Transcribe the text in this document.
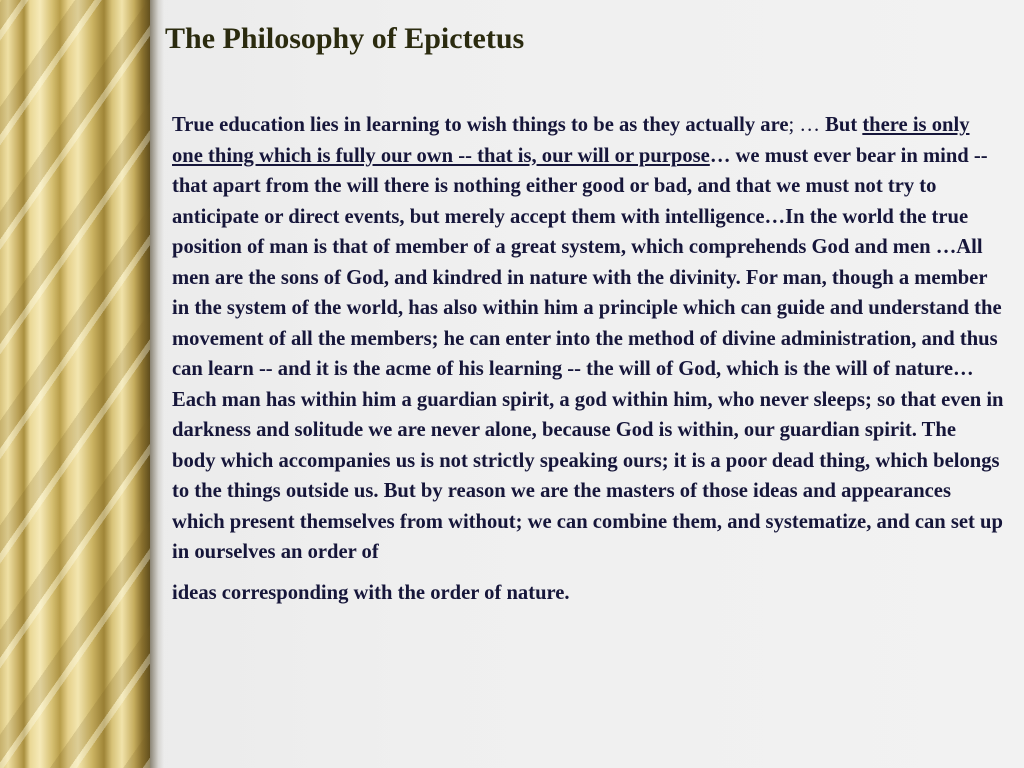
The Philosophy of Epictetus

True education lies in learning to wish things to be as they actually are; … But there is only one thing which is fully our own -- that is, our will or purpose… we must ever bear in mind -- that apart from the will there is nothing either good or bad, and that we must not try to anticipate or direct events, but merely accept them with intelligence…In the world the true position of man is that of member of a great system, which comprehends God and men …All men are the sons of God, and kindred in nature with the divinity. For man, though a member in the system of the world, has also within him a principle which can guide and understand the movement of all the members; he can enter into the method of divine administration, and thus can learn -- and it is the acme of his learning -- the will of God, which is the will of nature…Each man has within him a guardian spirit, a god within him, who never sleeps; so that even in darkness and solitude we are never alone, because God is within, our guardian spirit. The body which accompanies us is not strictly speaking ours; it is a poor dead thing, which belongs to the things outside us. But by reason we are the masters of those ideas and appearances which present themselves from without; we can combine them, and systematize, and can set up in ourselves an order of
ideas corresponding with the order of nature.
